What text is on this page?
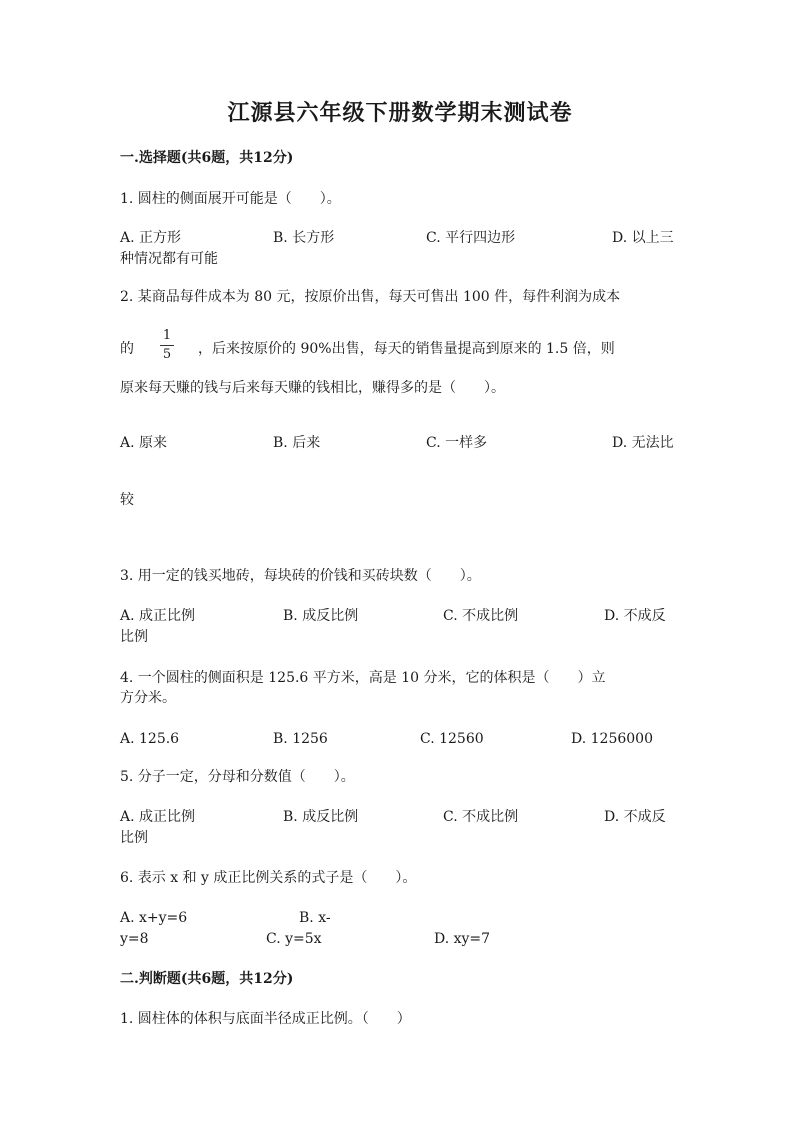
江源县六年级下册数学期末测试卷
一.选择题(共6题，共12分)
1. 圆柱的侧面展开可能是（　　）。
A. 正方形	B. 长方形	C. 平行四边形	D. 以上三
种情况都有可能
2. 某商品每件成本为 80 元，按原价出售，每天可售出 100 件，每件利润为成本
的
1
5	，后来按原价的 90%出售，每天的销售量提高到原来的 1.5 倍，则
原来每天赚的钱与后来每天赚的钱相比，赚得多的是（　　）。
A. 原来	B. 后来	C. 一样多	D. 无法比
较
3. 用一定的钱买地砖，每块砖的价钱和买砖块数（　　）。
A. 成正比例	B. 成反比例	C. 不成比例	D. 不成反
比例
4. 一个圆柱的侧面积是 125.6 平方米，高是 10 分米，它的体积是（　　）立
方分米。
A. 125.6	B. 1256	C. 12560	D. 1256000
5. 分子一定，分母和分数值（　　）。
A. 成正比例	B. 成反比例	C. 不成比例	D. 不成反
比例
6. 表示 x 和 y 成正比例关系的式子是（　　）。
A. x+y=6	B. x-
y=8	C. y=5x	D. xy=7
二.判断题(共6题，共12分)
1. 圆柱体的体积与底面半径成正比例。（　　）
